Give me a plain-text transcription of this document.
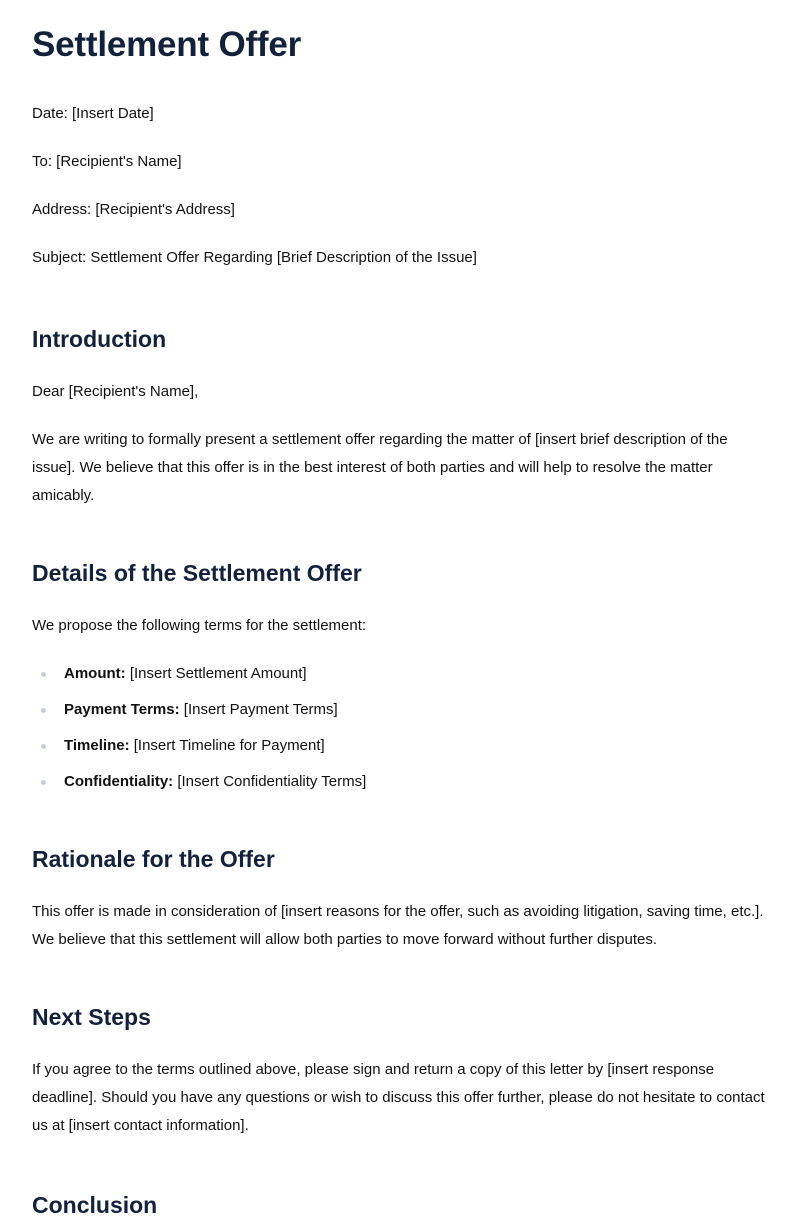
Settlement Offer

Date: [Insert Date]

To: [Recipient's Name]

Address: [Recipient's Address]

Subject: Settlement Offer Regarding [Brief Description of the Issue]

Introduction

Dear [Recipient's Name],

We are writing to formally present a settlement offer regarding the matter of [insert brief description of the issue]. We believe that this offer is in the best interest of both parties and will help to resolve the matter amicably.

Details of the Settlement Offer

We propose the following terms for the settlement:

Amount: [Insert Settlement Amount]
Payment Terms: [Insert Payment Terms]
Timeline: [Insert Timeline for Payment]
Confidentiality: [Insert Confidentiality Terms]
Rationale for the Offer

This offer is made in consideration of [insert reasons for the offer, such as avoiding litigation, saving time, etc.]. We believe that this settlement will allow both parties to move forward without further disputes.

Next Steps

If you agree to the terms outlined above, please sign and return a copy of this letter by [insert response deadline]. Should you have any questions or wish to discuss this offer further, please do not hesitate to contact us at [insert contact information].

Conclusion
